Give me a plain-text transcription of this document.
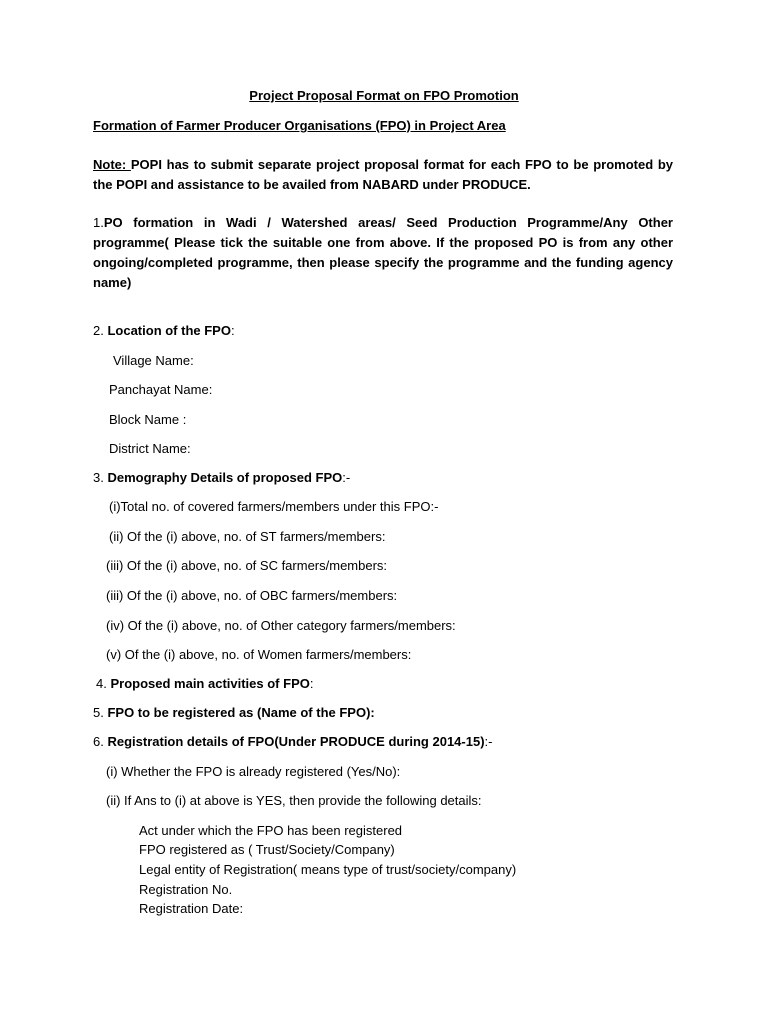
Project Proposal Format on FPO Promotion
Formation of Farmer Producer Organisations (FPO) in Project Area
Note: POPI has to submit separate project proposal format for each FPO to be promoted by the POPI and assistance to be availed from NABARD under PRODUCE.
1.PO formation in Wadi / Watershed areas/ Seed Production Programme/Any Other programme( Please tick the suitable one from above. If the proposed PO is from any other ongoing/completed programme, then please specify the programme and the funding agency name)
2. Location of the FPO:
Village Name:
Panchayat Name:
Block Name :
District Name:
3. Demography Details of proposed FPO:-
(i)Total no. of covered farmers/members under this FPO:-
(ii) Of the (i) above, no. of ST farmers/members:
(iii) Of the (i) above, no. of SC farmers/members:
(iii) Of the (i) above, no. of OBC farmers/members:
(iv) Of the (i) above, no. of Other category farmers/members:
(v) Of the (i) above, no. of Women farmers/members:
4. Proposed main activities of FPO:
5. FPO to be registered as (Name of the FPO):
6. Registration details of FPO(Under PRODUCE during 2014-15):-
(i) Whether the FPO is already registered (Yes/No):
(ii) If Ans to (i) at above is YES, then provide the following details:
Act under which the FPO has been registered
FPO registered as ( Trust/Society/Company)
Legal entity of Registration( means type of trust/society/company)
Registration No.
Registration Date:
